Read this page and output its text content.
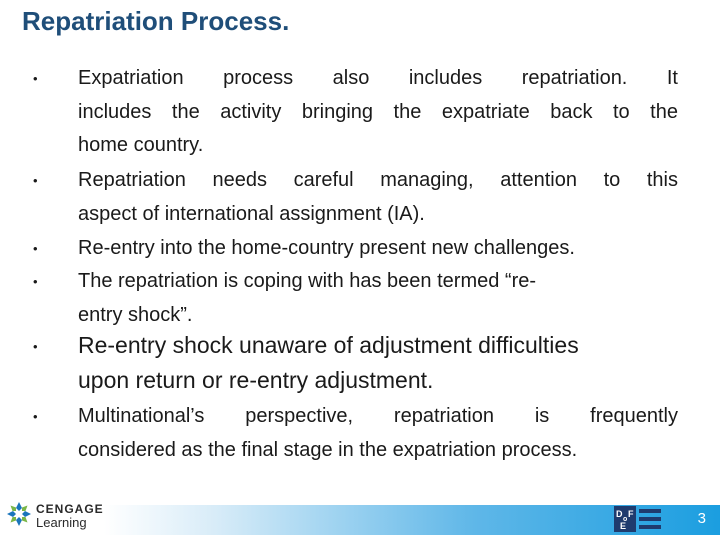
Repatriation Process.
• Expatriation process also includes repatriation. It
includes the activity bringing the expatriate back to the
home country.
• Repatriation needs careful managing, attention to this
aspect of international assignment (IA).
• Re-entry into the home-country present new challenges.
• The repatriation is coping with has been termed “re-
entry shock”.
• Re-entry shock unaware of adjustment difficulties
upon return or re-entry adjustment.
• Multinational’s perspective, repatriation is frequently
considered as the final stage in the expatriation process.
CENGAGE
Learning	3
D
o
F
E
